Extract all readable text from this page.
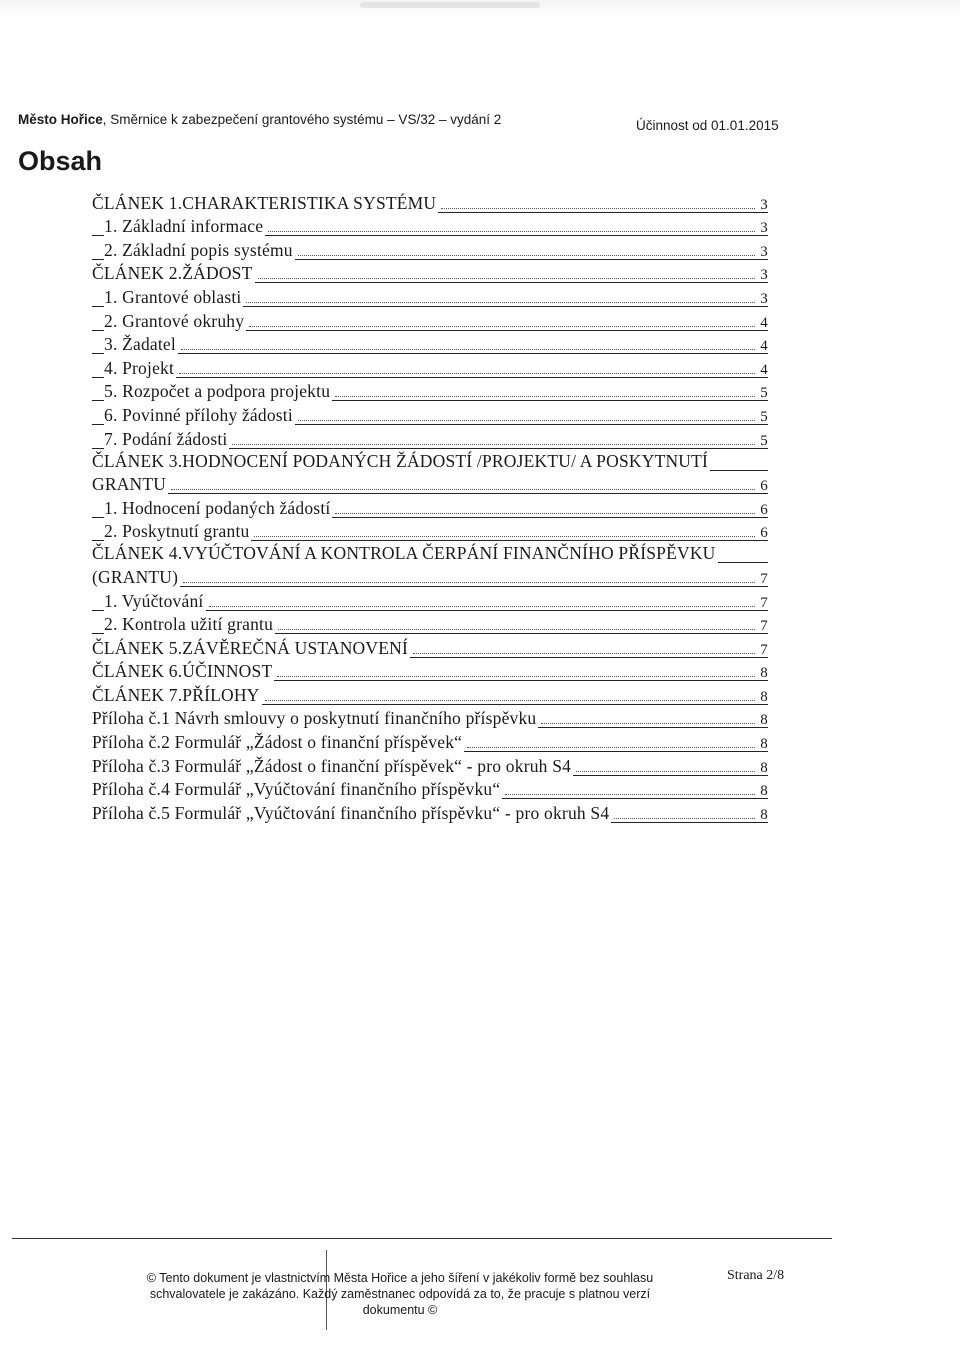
Město Hořice, Směrnice k zabezpečení grantového systému – VS/32 – vydání 2	Účinnost od 01.01.2015
Obsah
ČLÁNEK 1.CHARAKTERISTIKA SYSTÉMU	3
1. Základní informace	3
2. Základní popis systému	3
ČLÁNEK 2.ŽÁDOST	3
1. Grantové oblasti	3
2. Grantové okruhy	4
3. Žadatel	4
4. Projekt	4
5. Rozpočet a podpora projektu	5
6. Povinné přílohy žádosti	5
7. Podání žádosti	5
ČLÁNEK 3.HODNOCENÍ PODANÝCH ŽÁDOSTÍ /PROJEKTU/ A POSKYTNUTÍ
GRANTU	6
1. Hodnocení podaných žádostí	6
2. Poskytnutí grantu	6
ČLÁNEK 4.VYÚČTOVÁNÍ A KONTROLA ČERPÁNÍ FINANČNÍHO PŘÍSPĚVKU
(GRANTU)	7
1. Vyúčtování	7
2. Kontrola užití grantu	7
ČLÁNEK 5.ZÁVĚREČNÁ USTANOVENÍ	7
ČLÁNEK 6.ÚČINNOST	8
ČLÁNEK 7.PŘÍLOHY	8
Příloha č.1 Návrh smlouvy o poskytnutí finančního příspěvku	8
Příloha č.2 Formulář „Žádost o finanční příspěvek“	8
Příloha č.3 Formulář „Žádost o finanční příspěvek“ - pro okruh S4	8
Příloha č.4 Formulář „Vyúčtování finančního příspěvku“	8
Příloha č.5 Formulář „Vyúčtování finančního příspěvku“ - pro okruh S4	8
© Tento dokument je vlastnictvím Města Hořice a jeho šíření v jakékoliv formě bez souhlasu
schvalovatele je zakázáno. Každý zaměstnanec odpovídá za to, že pracuje s platnou verzí dokumentu ©
Strana 2/8
